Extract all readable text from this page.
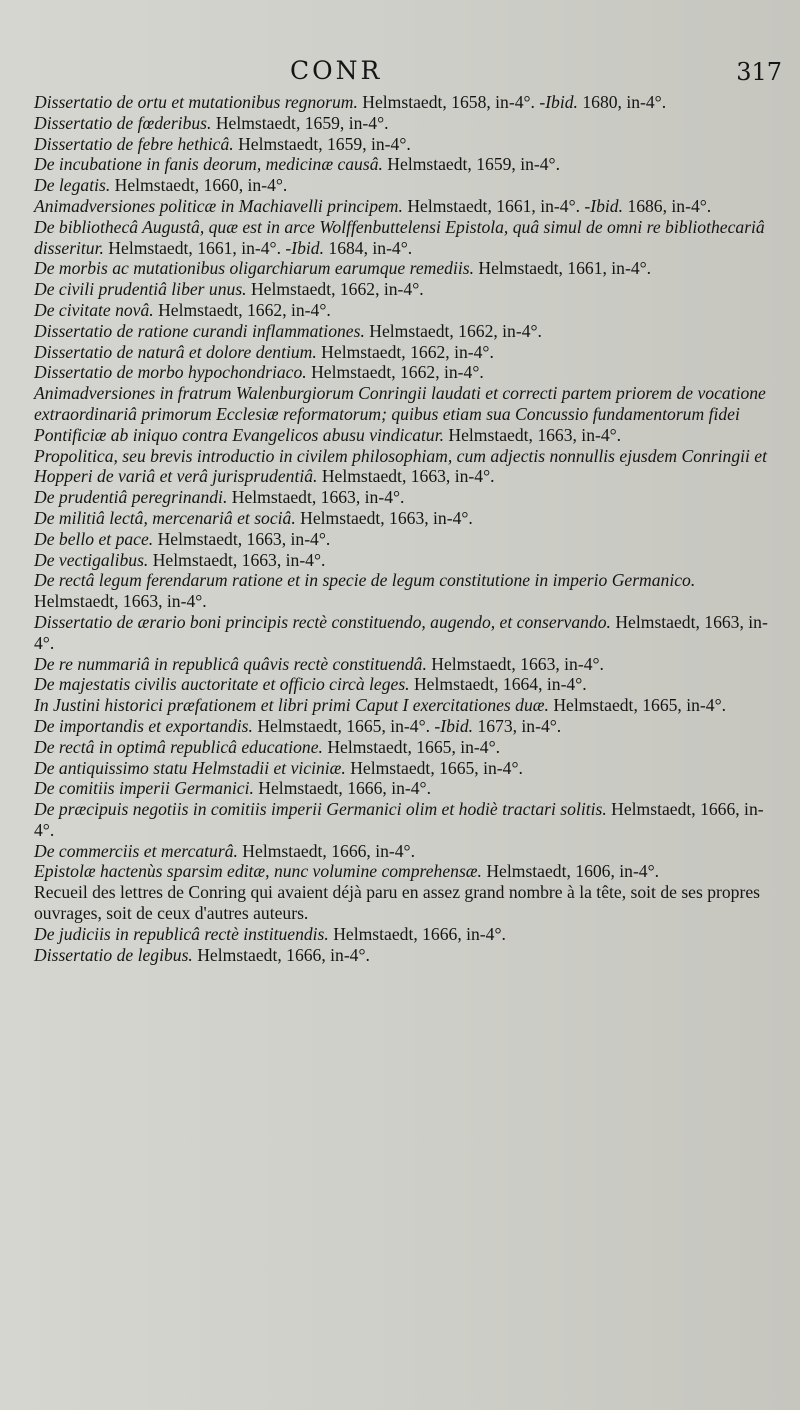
CONR	317

Dissertatio de ortu et mutationibus regnorum. Helmstaedt, 1658, in-4°. -Ibid. 1680, in-4°.

Dissertatio de fœderibus. Helmstaedt, 1659, in-4°.

Dissertatio de febre hethicâ. Helmstaedt, 1659, in-4°.

De incubatione in fanis deorum, medicinæ causâ. Helmstaedt, 1659, in-4°.

De legatis. Helmstaedt, 1660, in-4°.

Animadversiones politicæ in Machiavelli principem. Helmstaedt, 1661, in-4°. -Ibid. 1686, in-4°.

De bibliothecâ Augustâ, quæ est in arce Wolffenbuttelensi Epistola, quâ simul de omni re bibliothecariâ disseritur. Helmstaedt, 1661, in-4°. -Ibid. 1684, in-4°.

De morbis ac mutationibus oligarchiarum earumque remediis. Helmstaedt, 1661, in-4°.

De civili prudentiâ liber unus. Helmstaedt, 1662, in-4°.

De civitate novâ. Helmstaedt, 1662, in-4°.

Dissertatio de ratione curandi inflammationes. Helmstaedt, 1662, in-4°.

Dissertatio de naturâ et dolore dentium. Helmstaedt, 1662, in-4°.

Dissertatio de morbo hypochondriaco. Helmstaedt, 1662, in-4°.

Animadversiones in fratrum Walenburgiorum Conringii laudati et correcti partem priorem de vocatione extraordinariâ primorum Ecclesiæ reformatorum; quibus etiam sua Concussio fundamentorum fidei Pontificiæ ab iniquo contra Evangelicos abusu vindicatur. Helmstaedt, 1663, in-4°.

Propolitica, seu brevis introductio in civilem philosophiam, cum adjectis nonnullis ejusdem Conringii et Hopperi de variâ et verâ jurisprudentiâ. Helmstaedt, 1663, in-4°.

De prudentiâ peregrinandi. Helmstaedt, 1663, in-4°.

De militiâ lectâ, mercenariâ et sociâ. Helmstaedt, 1663, in-4°.

De bello et pace. Helmstaedt, 1663, in-4°.

De vectigalibus. Helmstaedt, 1663, in-4°.

De rectâ legum ferendarum ratione et in specie de legum constitutione in imperio Germanico. Helmstaedt, 1663, in-4°.

Dissertatio de ærario boni principis rectè constituendo, augendo, et conservando. Helmstaedt, 1663, in-4°.

De re nummariâ in republicâ quâvis rectè constituendâ. Helmstaedt, 1663, in-4°.

De majestatis civilis auctoritate et officio circà leges. Helmstaedt, 1664, in-4°.

In Justini historici præfationem et libri primi Caput I exercitationes duæ. Helmstaedt, 1665, in-4°.

De importandis et exportandis. Helmstaedt, 1665, in-4°. -Ibid. 1673, in-4°.

De rectâ in optimâ republicâ educatione. Helmstaedt, 1665, in-4°.

De antiquissimo statu Helmstadii et viciniæ. Helmstaedt, 1665, in-4°.

De comitiis imperii Germanici. Helmstaedt, 1666, in-4°.

De præcipuis negotiis in comitiis imperii Germanici olim et hodiè tractari solitis. Helmstaedt, 1666, in-4°.

De commerciis et mercaturâ. Helmstaedt, 1666, in-4°.

Epistolæ hactenùs sparsim editæ, nunc volumine comprehensæ. Helmstaedt, 1606, in-4°.

Recueil des lettres de Conring qui avaient déjà paru en assez grand nombre à la tête, soit de ses propres ouvrages, soit de ceux d'autres auteurs.

De judiciis in republicâ rectè instituendis. Helmstaedt, 1666, in-4°.

Dissertatio de legibus. Helmstaedt, 1666, in-4°.
